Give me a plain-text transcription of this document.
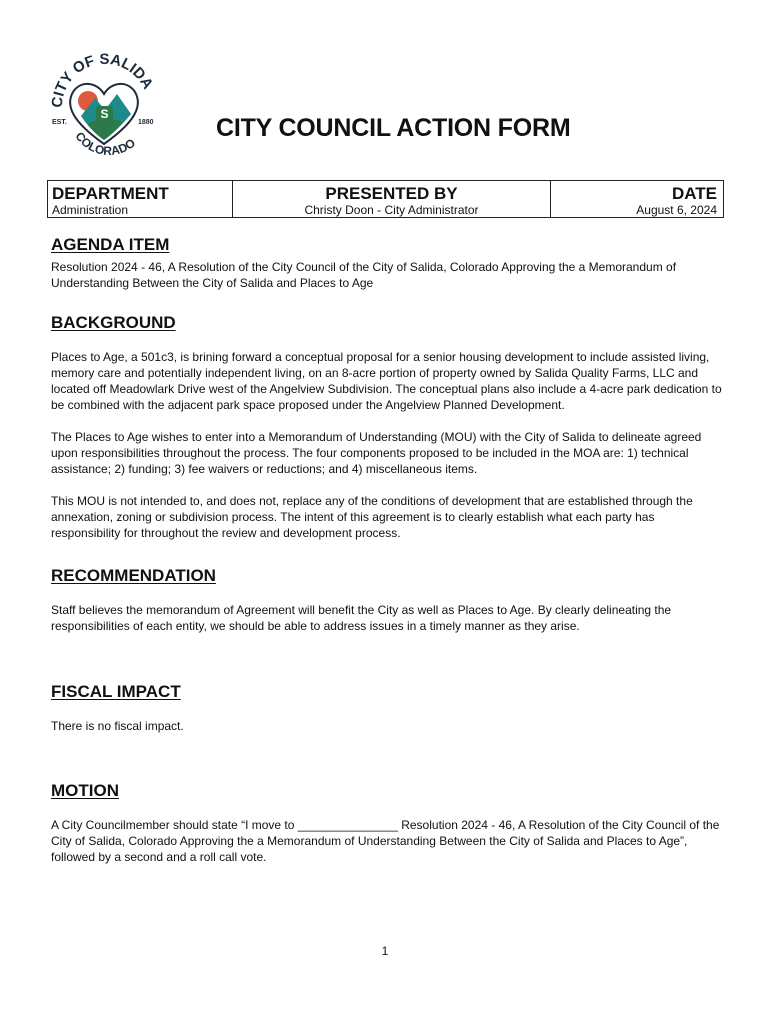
S
CITY OF SALIDA
COLORADO
EST.	1880 CITY COUNCIL ACTION FORM
DEPARTMENT
Administration
PRESENTED BY
Christy Doon - City Administrator
DATE
August 6, 2024
AGENDA ITEM

Resolution 2024 - 46, A Resolution of the City Council of the City of Salida, Colorado Approving the a Memorandum of Understanding Between the City of Salida and Places to Age

BACKGROUND

Places to Age, a 501c3, is brining forward a conceptual proposal for a senior housing development to include assisted living, memory care and potentially independent living, on an 8-acre portion of property owned by Salida Quality Farms, LLC and located off Meadowlark Drive west of the Angelview Subdivision. The conceptual plans also include a 4-acre park dedication to be combined with the adjacent park space proposed under the Angelview Planned Development.

The Places to Age wishes to enter into a Memorandum of Understanding (MOU) with the City of Salida to delineate agreed upon responsibilities throughout the process. The four components proposed to be included in the MOA are: 1) technical assistance; 2) funding; 3) fee waivers or reductions; and 4) miscellaneous items.

This MOU is not intended to, and does not, replace any of the conditions of development that are established through the annexation, zoning or subdivision process. The intent of this agreement is to clearly establish what each party has responsibility for throughout the review and development process.

RECOMMENDATION

Staff believes the memorandum of Agreement will benefit the City as well as Places to Age. By clearly delineating the responsibilities of each entity, we should be able to address issues in a timely manner as they arise.

FISCAL IMPACT

There is no fiscal impact.

MOTION

A City Councilmember should state “I move to _______________ Resolution 2024 - 46, A Resolution of the City Council of the City of Salida, Colorado Approving the a Memorandum of Understanding Between the City of Salida and Places to Age”, followed by a second and a roll call vote.

1
